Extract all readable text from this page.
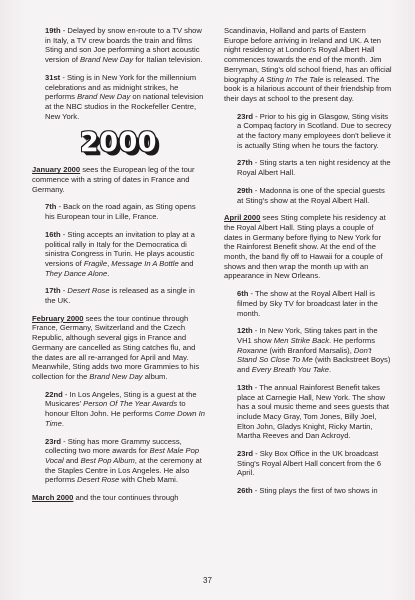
19th - Delayed by snow en-route to a TV show in Italy, a TV crew boards the train and films Sting and son Joe performing a short acoustic version of Brand New Day for Italian television.
31st - Sting is in New York for the millennium celebrations and as midnight strikes, he performs Brand New Day on national television at the NBC studios in the Rockefeller Centre, New York.
2000
January 2000 sees the European leg of the tour commence with a string of dates in France and Germany.
7th - Back on the road again, as Sting opens his European tour in Lille, France.
16th - Sting accepts an invitation to play at a political rally in Italy for the Democratica di sinistra Congress in Turin. He plays acoustic versions of Fragile, Message In A Bottle and They Dance Alone.
17th - Desert Rose is released as a single in the UK.
February 2000 sees the tour continue through France, Germany, Switzerland and the Czech Republic, although several gigs in France and Germany are cancelled as Sting catches flu, and the dates are all re-arranged for April and May. Meanwhile, Sting adds two more Grammies to his collection for the Brand New Day album.
22nd - In Los Angeles, Sting is a guest at the Musicares' Person Of The Year Awards to honour Elton John. He performs Come Down In Time.
23rd - Sting has more Grammy success, collecting two more awards for Best Male Pop Vocal and Best Pop Album, at the ceremony at the Staples Centre in Los Angeles. He also performs Desert Rose with Cheb Mami.
March 2000 and the tour continues through
Scandinavia, Holland and parts of Eastern Europe before arriving in Ireland and UK. A ten night residency at London's Royal Albert Hall commences towards the end of the month. Jim Berryman, Sting's old school friend, has an official biography A Sting In The Tale is released. The book is a hilarious account of their friendship from their days at school to the present day.
23rd - Prior to his gig in Glasgow, Sting visits a Compaq factory in Scotland. Due to secrecy at the factory many employees don't believe it is actually Sting when he tours the factory.
27th - Sting starts a ten night residency at the Royal Albert Hall.
29th - Madonna is one of the special guests at Sting's show at the Royal Albert Hall.
April 2000 sees Sting complete his residency at the Royal Albert Hall. Sting plays a couple of dates in Germany before flying to New York for the Rainforest Benefit show. At the end of the month, the band fly off to Hawaii for a couple of shows and then wrap the month up with an appearance in New Orleans.
6th - The show at the Royal Albert Hall is filmed by Sky TV for broadcast later in the month.
12th - In New York, Sting takes part in the VH1 show Men Strike Back. He performs Roxanne (with Branford Marsalis), Don't Stand So Close To Me (with Backstreet Boys) and Every Breath You Take.
13th - The annual Rainforest Benefit takes place at Carnegie Hall, New York. The show has a soul music theme and sees guests that include Macy Gray, Tom Jones, Billy Joel, Elton John, Gladys Knight, Ricky Martin, Martha Reeves and Dan Ackroyd.
23rd - Sky Box Office in the UK broadcast Sting's Royal Albert Hall concert from the 6 April.
26th - Sting plays the first of two shows in
37
